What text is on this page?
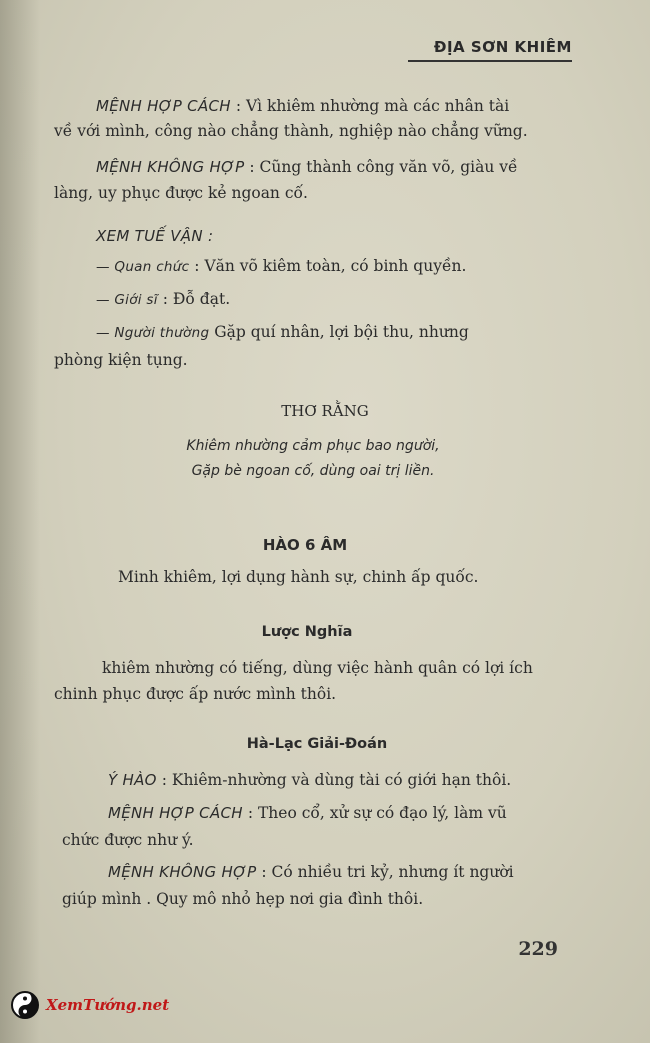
ĐỊA SƠN KHIÊM
MỆNH HỢP CÁCH : Vì khiêm nhường mà các nhân tài
về với mình, công nào chẳng thành, nghiệp nào chẳng vững.
MỆNH KHÔNG HỢP : Cũng thành công văn võ, giàu về
làng, uy phục được kẻ ngoan cố.
XEM TUẾ VẬN :
— Quan chức : Văn võ kiêm toàn, có binh quyền.
— Giới sĩ : Đỗ đạt.
— Người thường Gặp quí nhân, lợi bội thu, nhưng
phòng kiện tụng.
THƠ RẰNG
Khiêm nhường cảm phục bao người,
Gặp bè ngoan cố, dùng oai trị liền.
HÀO 6 ÂM
Minh khiêm, lợi dụng hành sự, chinh ấp quốc.
Lược Nghĩa
khiêm nhường có tiếng, dùng việc hành quân có lợi ích
chinh phục được ấp nước mình thôi.
Hà-Lạc Giải-Đoán
Ý HÀO : Khiêm-nhường và dùng tài có giới hạn thôi.
MỆNH HỢP CÁCH : Theo cổ, xử sự có đạo lý, làm vũ
chức được như ý.
MỆNH KHÔNG HỢP : Có nhiều tri kỷ, nhưng ít người
giúp mình . Quy mô nhỏ hẹp nơi gia đình thôi.
229
XemTướng.net
